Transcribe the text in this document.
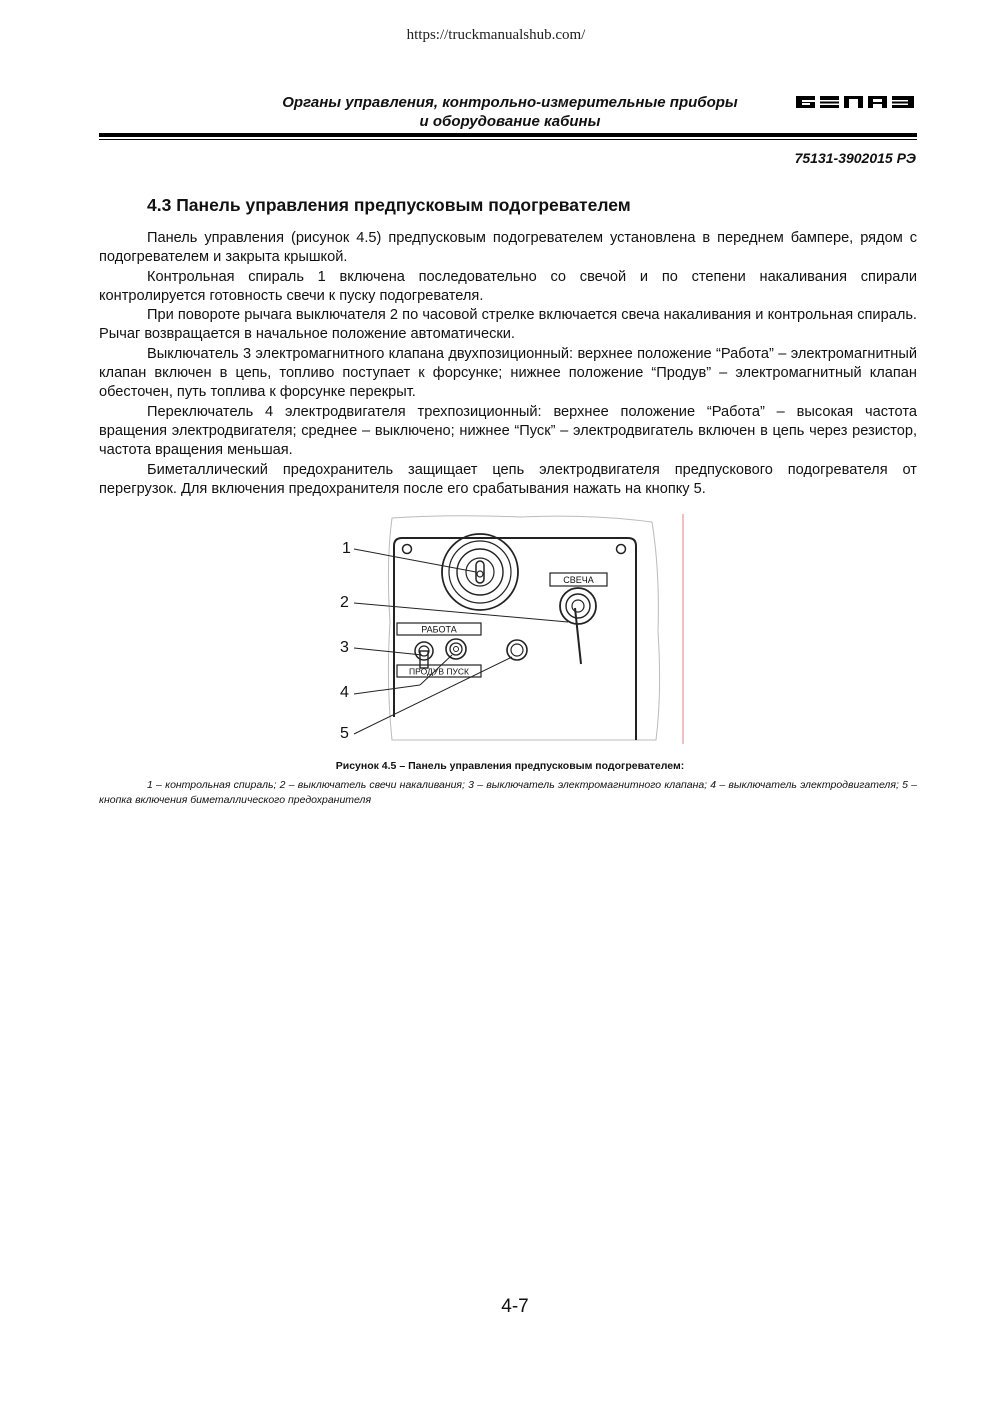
https://truckmanualshub.com/
Органы управления, контрольно-измерительные приборы
и оборудование кабины
75131-3902015 РЭ
4.3 Панель управления предпусковым подогревателем

Панель управления (рисунок 4.5) предпусковым подогревателем установлена в переднем бампере, рядом с подогревателем и закрыта крышкой.

Контрольная спираль 1 включена последовательно со свечой и по степени накаливания спирали контролируется готовность свечи к пуску подогревателя.

При повороте рычага выключателя 2 по часовой стрелке включается свеча накаливания и контрольная спираль. Рычаг возвращается в начальное положение автоматически.

Выключатель 3 электромагнитного клапана двухпозиционный: верхнее положение “Работа” – электромагнитный клапан включен в цепь, топливо поступает к форсунке; нижнее положение “Продув” – электромагнитный клапан обесточен, путь топлива к форсунке перекрыт.

Переключатель 4 электродвигателя трехпозиционный: верхнее положение “Работа” – высокая частота вращения электродвигателя; среднее – выключено; нижнее “Пуск” – электродвигатель включен в цепь через резистор, частота вращения меньшая.

Биметаллический предохранитель защищает цепь электродвигателя предпускового подогревателя от перегрузок. Для включения предохранителя после его срабатывания нажать на кнопку 5.

СВЕЧА
РАБОТА
ПРОДУВ ПУСК
1
2
3
4
5
Рисунок 4.5 – Панель управления предпусковым подогревателем:
1 – контрольная спираль; 2 – выключатель свечи накаливания; 3 – выключатель электромагнитного клапана; 4 – выключатель электродвигателя; 5 – кнопка включения биметаллического предохранителя
4-7
